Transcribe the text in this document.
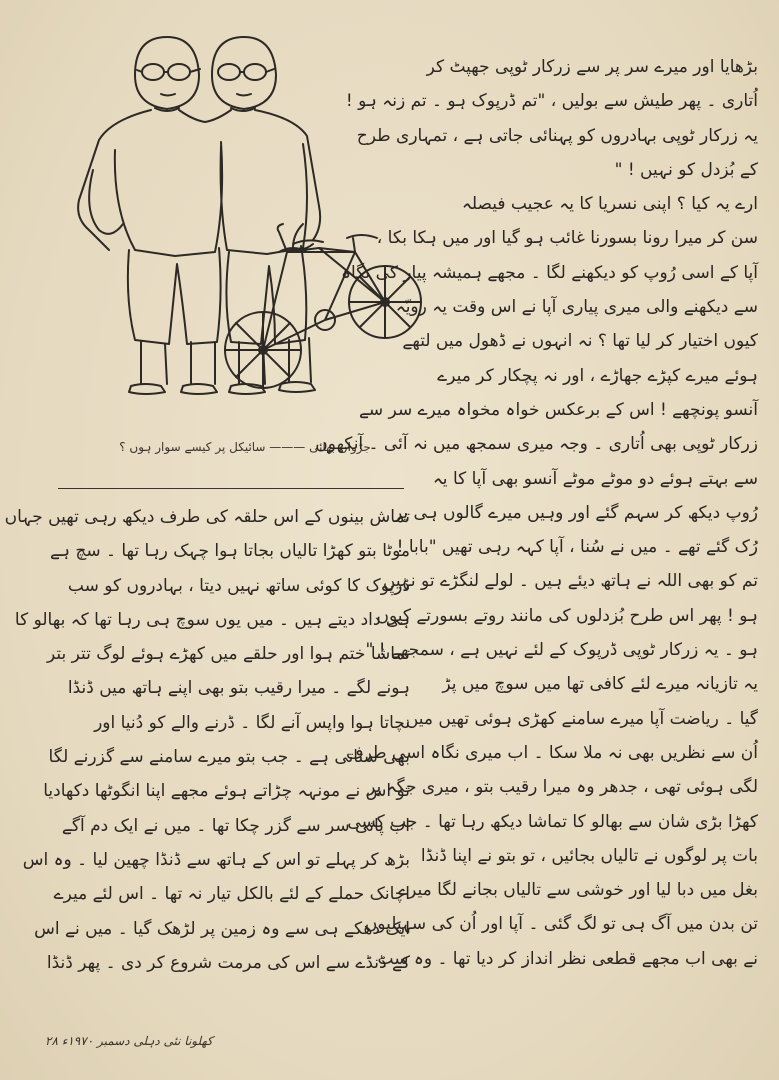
جڑواں بھائی ——— سائیکل پر کیسے سوار ہوں ؟

بڑھایا اور میرے سر پر سے زرکار ٹوپی جھپٹ کر

اُتاری ۔ پھر طیش سے بولیں ، "تم ڈرپوک ہو ۔ تم زنہ ہو !

یہ زرکار ٹوپی بہادروں کو پہنائی جاتی ہے ، تمہاری طرح

کے بُزدل کو نہیں ! "

ارے یہ کیا ؟ اپنی نسریا کا یہ عجیب فیصلہ

سن کر میرا رونا بسورنا غائب ہو گیا اور میں ہکا بکا ،

آپا کے اسی رُوپ کو دیکھنے لگا ۔ مجھے ہمیشہ پیار کی نگاہ

سے دیکھنے والی میری پیاری آپا نے اس وقت یہ رویّہ

کیوں اختیار کر لیا تھا ؟ نہ انہوں نے ڈھول میں لتھے

ہوئے میرے کپڑے جھاڑے ، اور نہ پچکار کر میرے

آنسو پونچھے ! اس کے برعکس خواہ مخواہ میرے سر سے

زرکار ٹوپی بھی اُتاری ۔ وجہ میری سمجھ میں نہ آئی ۔ آنکھوں

سے بہتے ہوئے دو موٹے موٹے آنسو بھی آپا کا یہ

رُوپ دیکھ کر سہم گئے اور وہیں میرے گالوں ہی پر

رُک گئے تھے ۔ میں نے سُنا ، آپا کہہ رہی تھیں "بابا !

تم کو بھی اللہ نے ہاتھ دیئے ہیں ۔ لولے لنگڑے تو نہیں

ہو ! پھر اس طرح بُزدلوں کی مانند روتے بسورتے کیوں

ہو ۔ یہ زرکار ٹوپی ڈرپوک کے لئے نہیں ہے ، سمجھے ! "

یہ تازیانہ میرے لئے کافی تھا میں سوچ میں پڑ

گیا ۔ ریاضت آپا میرے سامنے کھڑی ہوئی تھیں میں

اُن سے نظریں بھی نہ ملا سکا ۔ اب میری نگاہ اسی طرف

لگی ہوئی تھی ، جدھر وہ میرا رقیب بتو ، میری جگہ پر

کھڑا بڑی شان سے بھالو کا تماشا دیکھ رہا تھا ۔ جب کسی

بات پر لوگوں نے تالیاں بجائیں ، تو بتو نے اپنا ڈنڈا

بغل میں دبا لیا اور خوشی سے تالیاں بجانے لگا میرے

تن بدن میں آگ ہی تو لگ گئی ۔ آپا اور اُن کی سہیلیوں

نے بھی اب مجھے قطعی نظر انداز کر دیا تھا ۔ وہ سب

تماش بینوں کے اس حلقہ کی طرف دیکھ رہی تھیں جہاں

موٹا بتو کھڑا تالیاں بجاتا ہوا چہک رہا تھا ۔ سچ ہے

ڈرپوک کا کوئی ساتھ نہیں دیتا ، بہادروں کو سب

ہی داد دیتے ہیں ۔ میں یوں سوچ ہی رہا تھا کہ بھالو کا

تماشا ختم ہوا اور حلقے میں کھڑے ہوئے لوگ تتر بتر

ہونے لگے ۔ میرا رقیب بتو بھی اپنے ہاتھ میں ڈنڈا

نچاتا ہوا واپس آنے لگا ۔ ڈرنے والے کو دُنیا اور

بھی ستاتی ہے ۔ جب بتو میرے سامنے سے گزرنے لگا

تو اس نے مونہہ چڑاتے ہوئے مجھے اپنا انگوٹھا دکھادیا

اب پانی سر سے گزر چکا تھا ۔ میں نے ایک دم آگے

بڑھ کر پہلے تو اس کے ہاتھ سے ڈنڈا چھین لیا ۔ وہ اس

اچانک حملے کے لئے بالکل تیار نہ تھا ۔ اس لئے میرے

ایک دھکے ہی سے وہ زمین پر لڑھک گیا ۔ میں نے اس

کے ڈنڈے سے اس کی مرمت شروع کر دی ۔ پھر ڈنڈا

کھلونا نئی دہلی دسمبر ۱۹۷۰ء ۲۸
